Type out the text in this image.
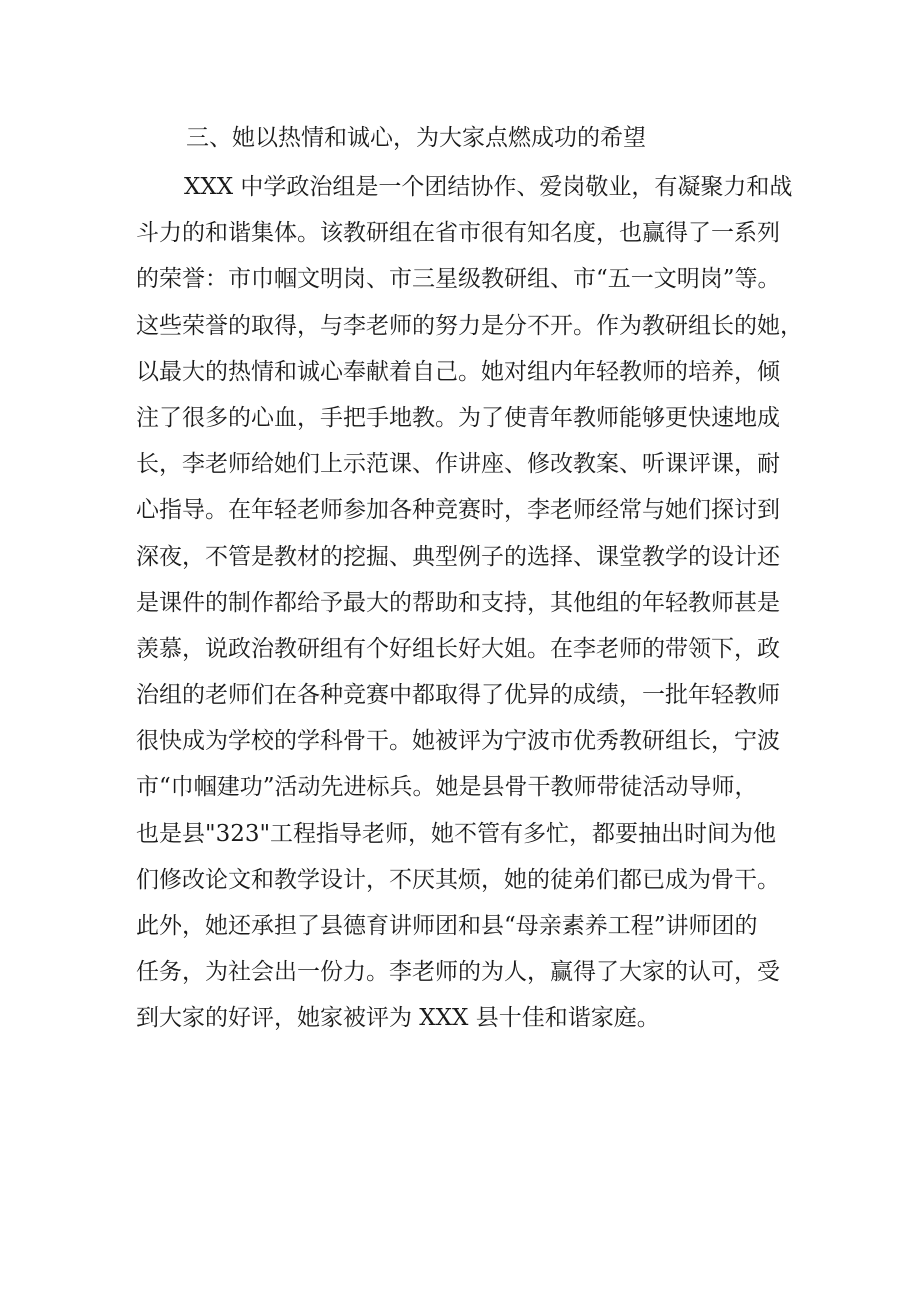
三、她以热情和诚心，为大家点燃成功的希望
XXX 中学政治组是一个团结协作、爱岗敬业，有凝聚力和战
斗力的和谐集体。该教研组在省市很有知名度，也赢得了一系列
的荣誉：市巾帼文明岗、市三星级教研组、市“五一文明岗”等。
这些荣誉的取得，与李老师的努力是分不开。作为教研组长的她，
以最大的热情和诚心奉献着自己。她对组内年轻教师的培养，倾
注了很多的心血，手把手地教。为了使青年教师能够更快速地成
长，李老师给她们上示范课、作讲座、修改教案、听课评课，耐
心指导。在年轻老师参加各种竞赛时，李老师经常与她们探讨到
深夜，不管是教材的挖掘、典型例子的选择、课堂教学的设计还
是课件的制作都给予最大的帮助和支持，其他组的年轻教师甚是
羡慕，说政治教研组有个好组长好大姐。在李老师的带领下，政
治组的老师们在各种竞赛中都取得了优异的成绩，一批年轻教师
很快成为学校的学科骨干。她被评为宁波市优秀教研组长，宁波
市“巾帼建功”活动先进标兵。她是县骨干教师带徒活动导师，
也是县"323"工程指导老师，她不管有多忙，都要抽出时间为他
们修改论文和教学设计，不厌其烦，她的徒弟们都已成为骨干。
此外，她还承担了县德育讲师团和县“母亲素养工程”讲师团的
任务，为社会出一份力。李老师的为人，赢得了大家的认可，受
到大家的好评，她家被评为 XXX 县十佳和谐家庭。
